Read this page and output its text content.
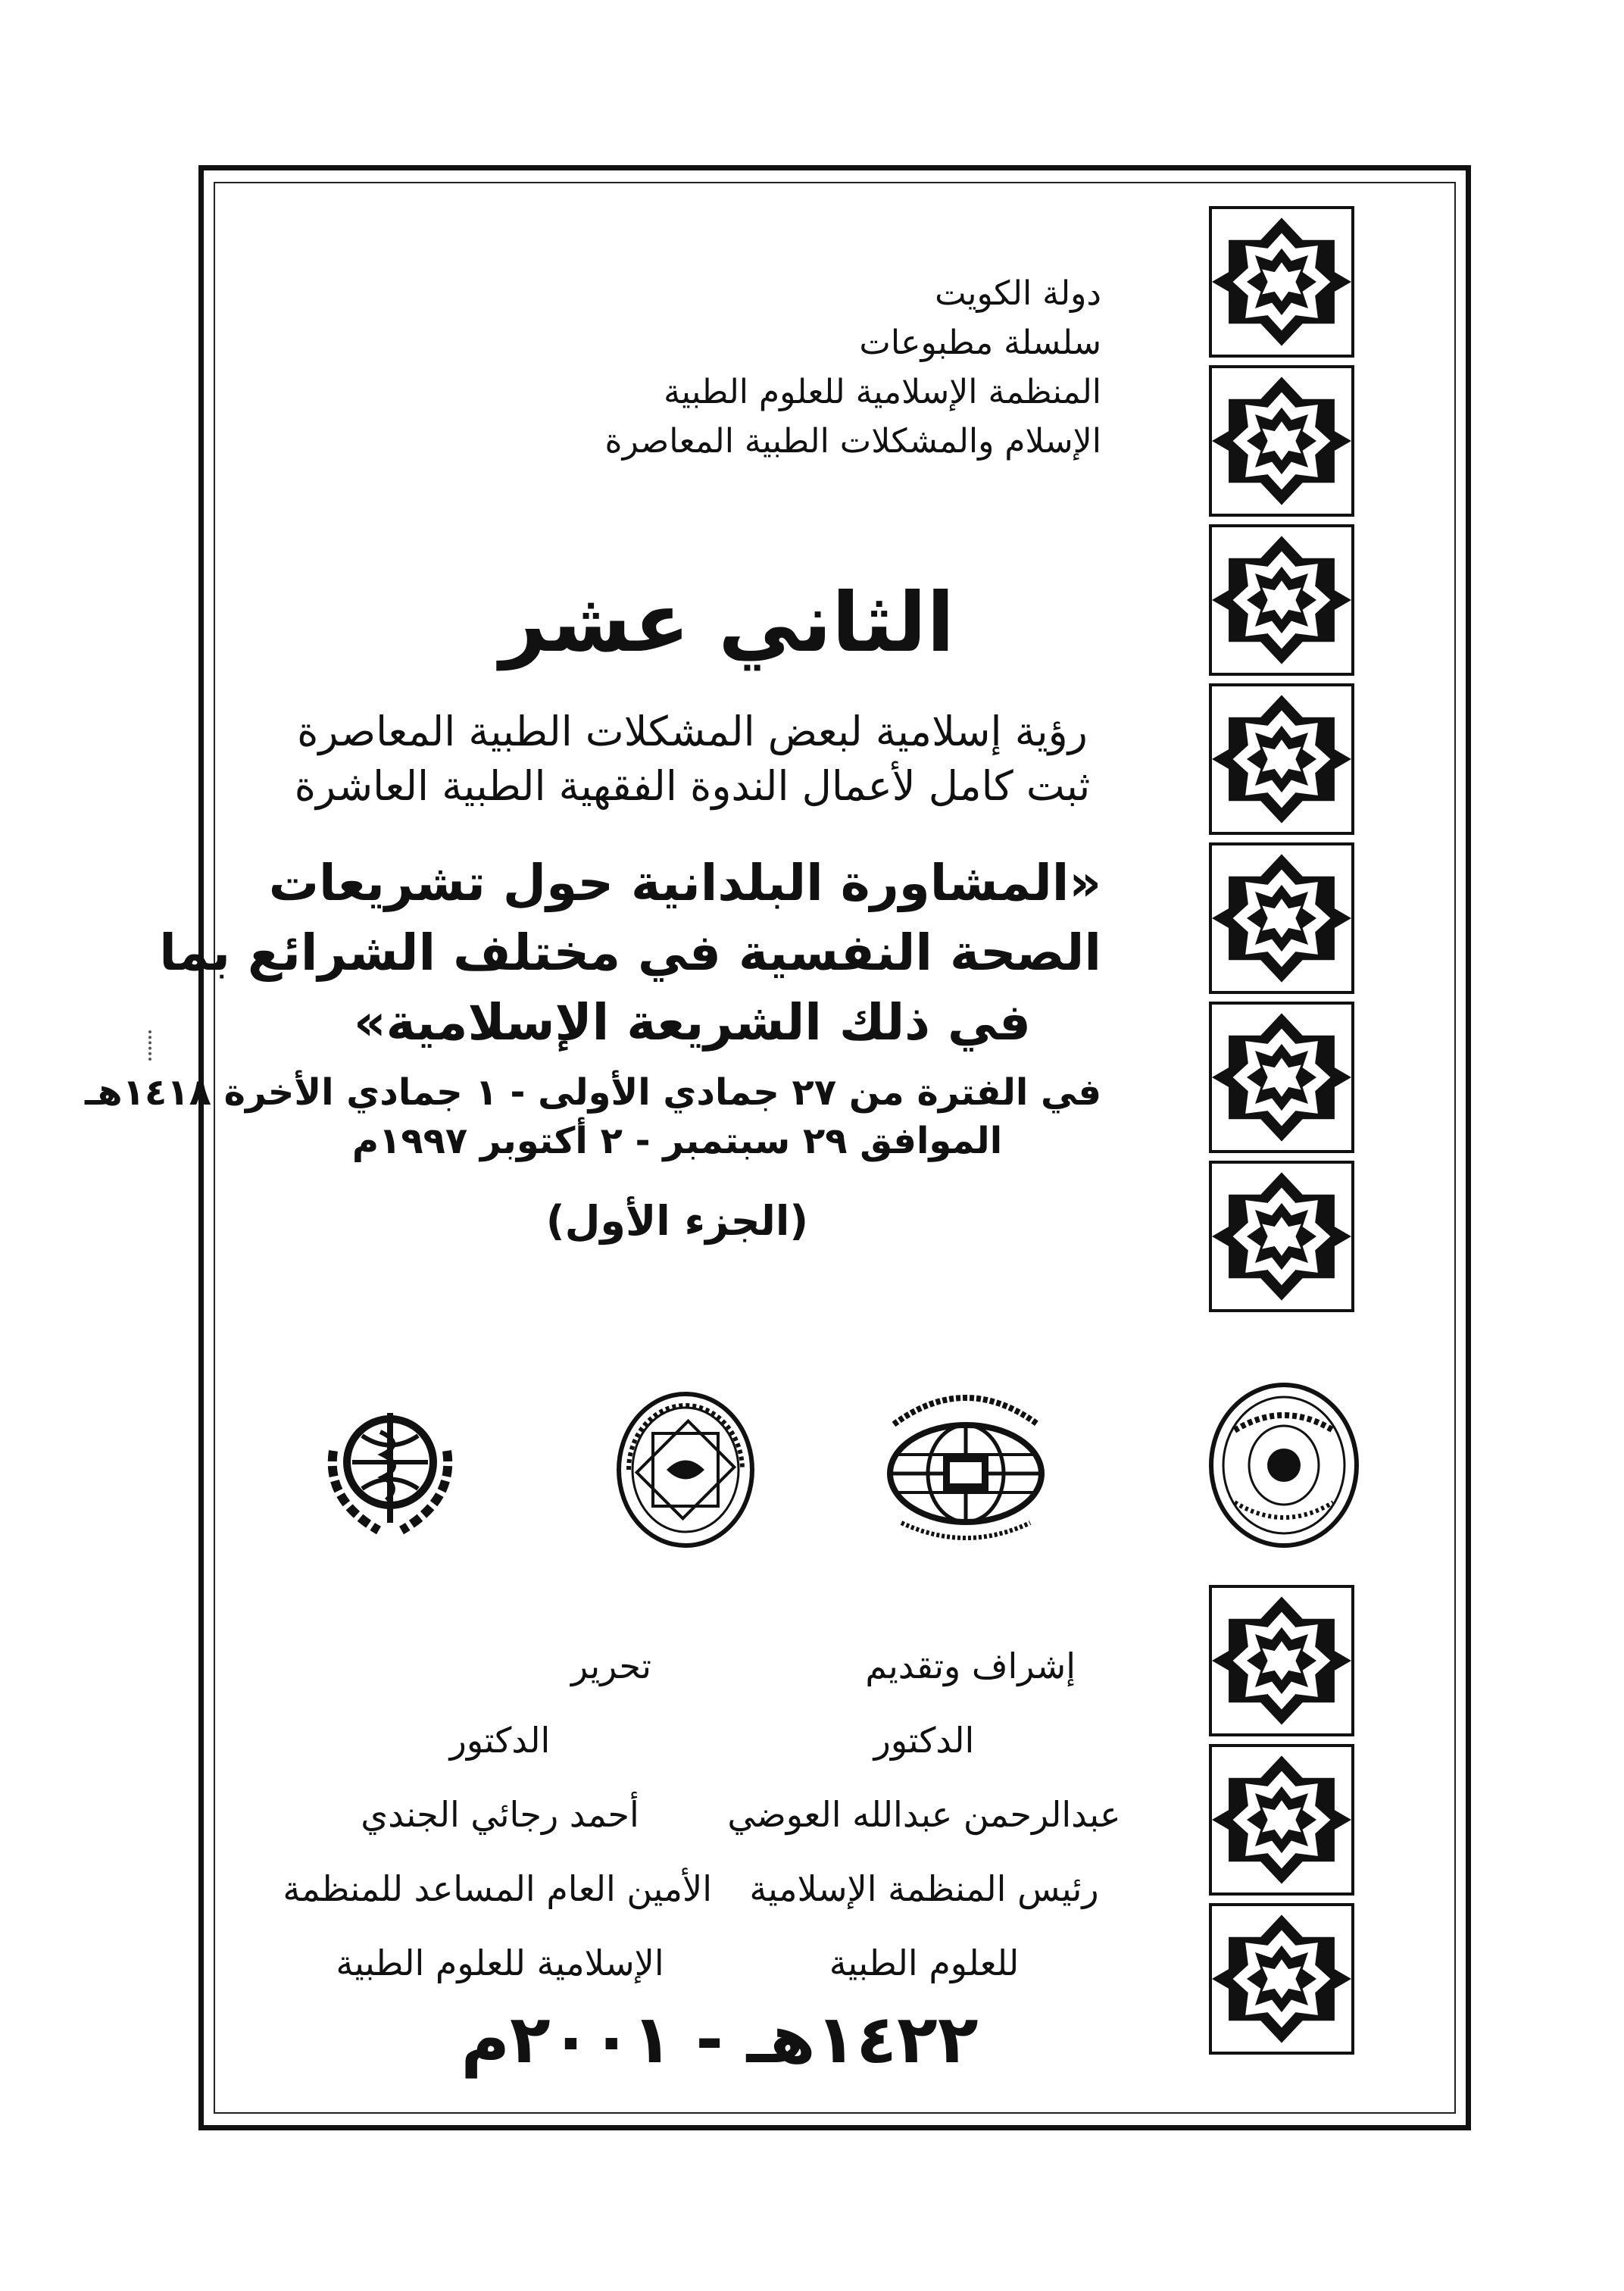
دولة الكويت
سلسلة مطبوعات
المنظمة الإسلامية للعلوم الطبية
الإسلام والمشكلات الطبية المعاصرة
الثاني عشر
رؤية إسلامية لبعض المشكلات الطبية المعاصرة
ثبت كامل لأعمال الندوة الفقهية الطبية العاشرة
«المشاورة البلدانية حول تشريعات
الصحة النفسية في مختلف الشرائع بما
في ذلك الشريعة الإسلامية»
في الفترة من ٢٧ جمادي الأولى - ١ جمادي الأخرة ١٤١٨هـ
الموافق ٢٩ سبتمبر - ٢ أكتوبر ١٩٩٧م
(الجزء الأول)
إشراف وتقديم
الدكتور
عبدالرحمن عبدالله العوضي
رئيس المنظمة الإسلامية
للعلوم الطبية
تحرير
الدكتور
أحمد رجائي الجندي
الأمين العام المساعد للمنظمة
الإسلامية للعلوم الطبية
١٤٢٢هـ - ٢٠٠١م
